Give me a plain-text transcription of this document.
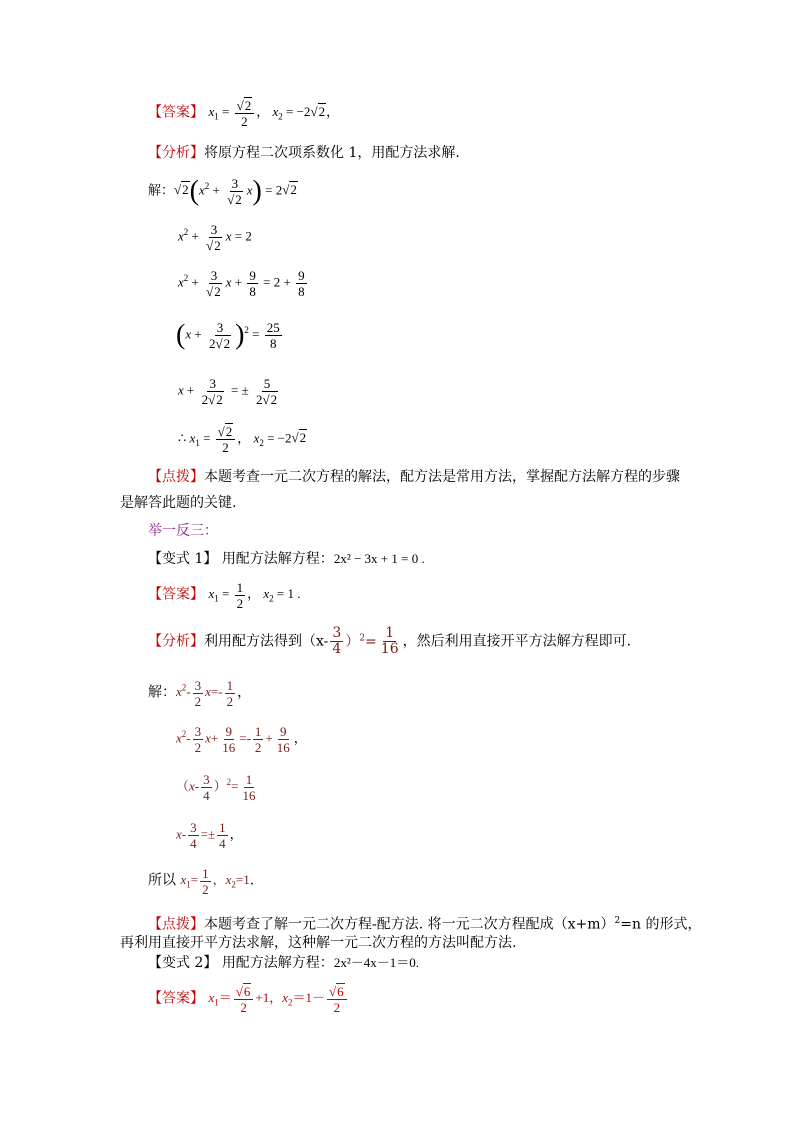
【答案】 $x_1 = \frac{√2}{2}$ ， $x_2 = -2√2$，
【分析】将原方程二次项系数化 1，用配方法求解.
解：$√2(x^2 + \frac{3}{√2} x) = 2√2$
$x^2 + \frac{3}{√2}$ x = 2
$x^2 + \frac{3}{√2}$ $x + \frac{9}{8} = 2 + \frac{9}{8}$
$(x + \frac{3}{2√2} )^2 = \frac{25}{8}$
$x + \frac{3}{2√2}$ = ± $\frac{5}{2√2}$
∴ $x_1 = \frac{√2}{2}$ ， $x_2 = -2√2$
【点拨】本题考查一元二次方程的解法，配方法是常用方法，掌握配方法解方程的步骤
是解答此题的关键.
举一反三：
【变式 1】 用配方法解方程：2x² − 3x + 1 = 0 .
【答案】 $x_1 = \frac{1}{2}$ ， $x_2 = 1$ .
【分析】利用配方法得到$(x- \frac{3}{4} )^2= \frac{1}{16}$ ，然后利用直接开平方法解方程即可.
解：$x^2- \frac{3}{2} x=- \frac{1}{2}$ ，
$x^2- \frac{3}{2} x+ \frac{9}{16} =- \frac{1}{2} + \frac{9}{16}$ ，
$(x- \frac{3}{4} )^2= \frac{1}{16}$
$x- \frac{3}{4} =\pm \frac{1}{4}$ ，
所以 $x_1= \frac{1}{2}$ ，$x_2=1$.
【点拨】本题考查了解一元二次方程-配方法. 将一元二次方程配成$(x+m)^2=n$ 的形式，
再利用直接开平方法求解，这种解一元二次方程的方法叫配方法.
【变式 2】 用配方法解方程：2x²－4x－1＝0.
【答案】 $x_1= \frac{√6}{2} +1$，$x_2=1- \frac{√6}{2}$
